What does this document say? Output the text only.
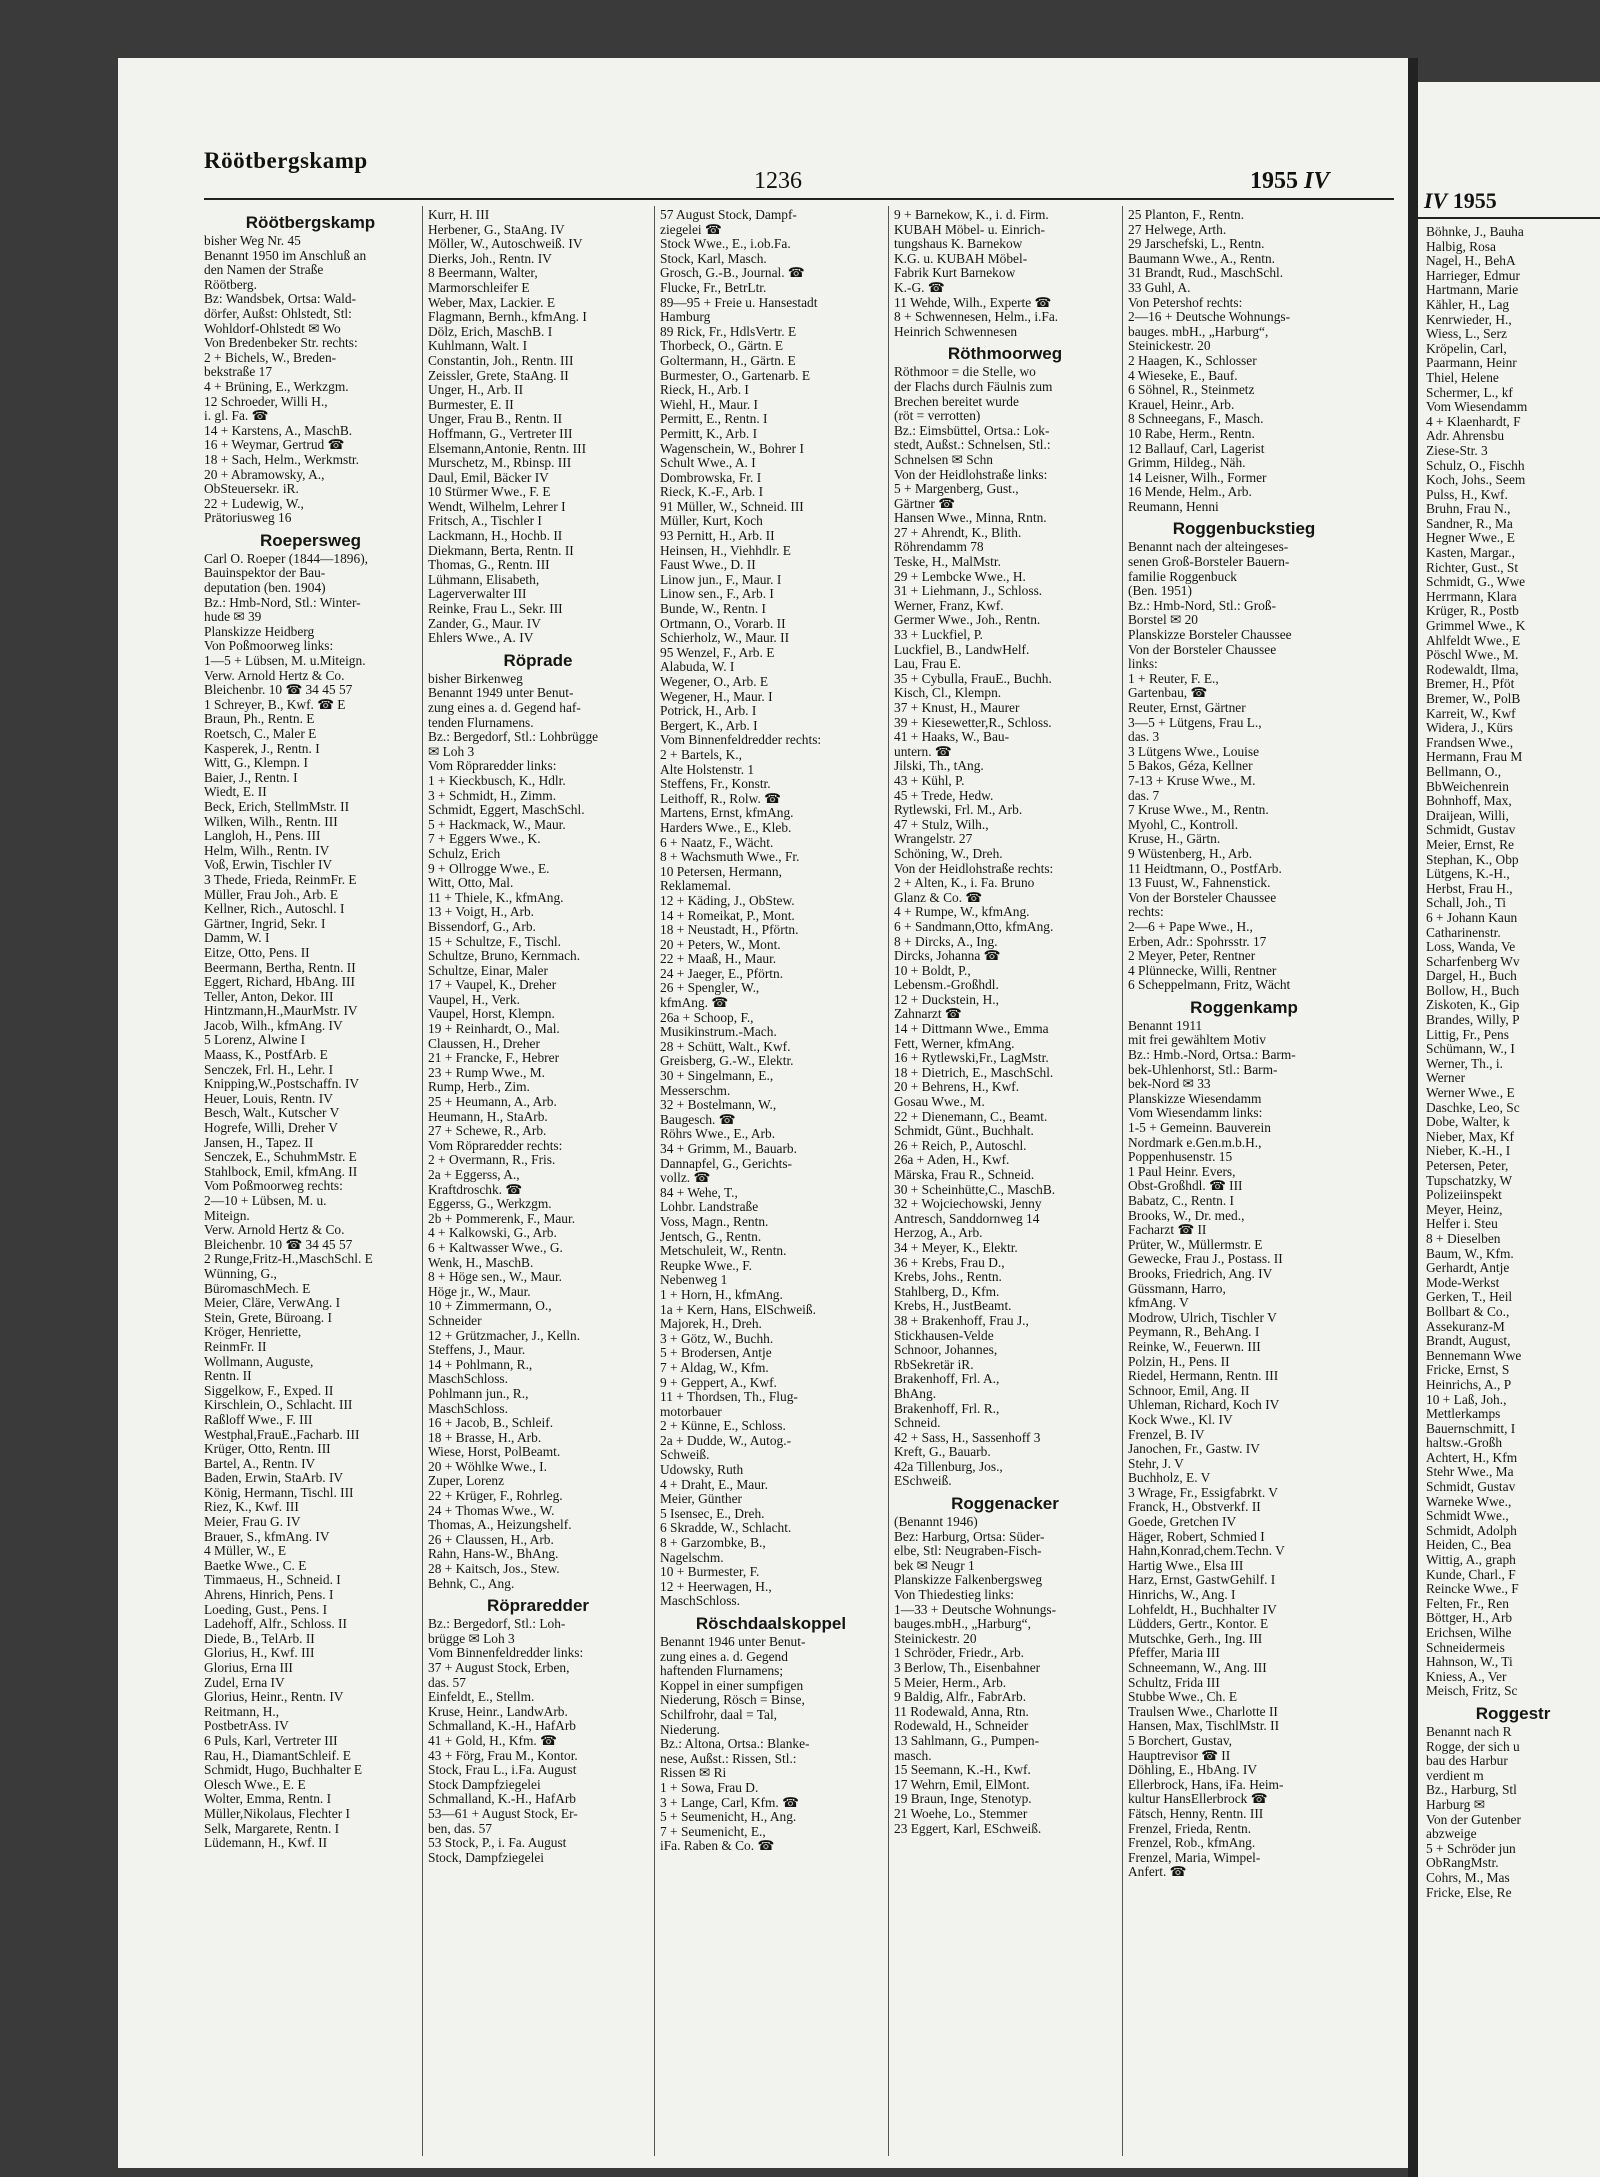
Röötbergskamp
1236	1955 IV
Röötbergskamp
bisher Weg Nr. 45
Benannt 1950 im Anschluß an
den Namen der Straße
Röötberg.
Bz: Wandsbek, Ortsa: Wald-
dörfer, Außst: Ohlstedt, Stl:
Wohldorf-Ohlstedt ✉ Wo
Von Bredenbeker Str. rechts:
2 + Bichels, W., Breden-
bekstraße 17
4 + Brüning, E., Werkzgm.
12 Schroeder, Willi H.,
i. gl. Fa. ☎
14 + Karstens, A., MaschB.
16 + Weymar, Gertrud ☎
18 + Sach, Helm., Werkmstr.
20 + Abramowsky, A.,
ObSteuersekr. iR.
22 + Ludewig, W.,
Prätoriusweg 16
Roepersweg
Carl O. Roeper (1844—1896),
Bauinspektor der Bau-
deputation (ben. 1904)
Bz.: Hmb-Nord, Stl.: Winter-
hude ✉ 39
Planskizze Heidberg
Von Poßmoorweg links:
1—5 + Lübsen, M. u.Miteign.
Verw. Arnold Hertz & Co.
Bleichenbr. 10 ☎ 34 45 57
1 Schreyer, B., Kwf. ☎ E
Braun, Ph., Rentn. E
Roetsch, C., Maler E
Kasperek, J., Rentn. I
Witt, G., Klempn. I
Baier, J., Rentn. I
Wiedt, E. II
Beck, Erich, StellmMstr. II
Wilken, Wilh., Rentn. III
Langloh, H., Pens. III
Helm, Wilh., Rentn. IV
Voß, Erwin, Tischler IV
3 Thede, Frieda, ReinmFr. E
Müller, Frau Joh., Arb. E
Kellner, Rich., Autoschl. I
Gärtner, Ingrid, Sekr. I
Damm, W. I
Eitze, Otto, Pens. II
Beermann, Bertha, Rentn. II
Eggert, Richard, HbAng. III
Teller, Anton, Dekor. III
Hintzmann,H.,MaurMstr. IV
Jacob, Wilh., kfmAng. IV
5 Lorenz, Alwine I
Maass, K., PostfArb. E
Senczek, Frl. H., Lehr. I
Knipping,W.,Postschaffn. IV
Heuer, Louis, Rentn. IV
Besch, Walt., Kutscher V
Hogrefe, Willi, Dreher V
Jansen, H., Tapez. II
Senczek, E., SchuhmMstr. E
Stahlbock, Emil, kfmAng. II
Vom Poßmoorweg rechts:
2—10 + Lübsen, M. u.
Miteign.
Verw. Arnold Hertz & Co.
Bleichenbr. 10 ☎ 34 45 57
2 Runge,Fritz-H.,MaschSchl. E
Wünning, G.,
BüromaschMech. E
Meier, Cläre, VerwAng. I
Stein, Grete, Büroang. I
Kröger, Henriette,
ReinmFr. II
Wollmann, Auguste,
Rentn. II
Siggelkow, F., Exped. II
Kirschlein, O., Schlacht. III
Raßloff Wwe., F. III
Westphal,FrauE.,Facharb. III
Krüger, Otto, Rentn. III
Bartel, A., Rentn. IV
Baden, Erwin, StaArb. IV
König, Hermann, Tischl. III
Riez, K., Kwf. III
Meier, Frau G. IV
Brauer, S., kfmAng. IV
4 Müller, W., E
Baetke Wwe., C. E
Timmaeus, H., Schneid. I
Ahrens, Hinrich, Pens. I
Loeding, Gust., Pens. I
Ladehoff, Alfr., Schloss. II
Diede, B., TelArb. II
Glorius, H., Kwf. III
Glorius, Erna III
Zudel, Erna IV
Glorius, Heinr., Rentn. IV
Reitmann, H.,
PostbetrAss. IV
6 Puls, Karl, Vertreter III
Rau, H., DiamantSchleif. E
Schmidt, Hugo, Buchhalter E
Olesch Wwe., E. E
Wolter, Emma, Rentn. I
Müller,Nikolaus, Flechter I
Selk, Margarete, Rentn. I
Lüdemann, H., Kwf. II
Kurr, H. III
Herbener, G., StaAng. IV
Möller, W., Autoschweiß. IV
Dierks, Joh., Rentn. IV
8 Beermann, Walter,
Marmorschleifer E
Weber, Max, Lackier. E
Flagmann, Bernh., kfmAng. I
Dölz, Erich, MaschB. I
Kuhlmann, Walt. I
Constantin, Joh., Rentn. III
Zeissler, Grete, StaAng. II
Unger, H., Arb. II
Burmester, E. II
Unger, Frau B., Rentn. II
Hoffmann, G., Vertreter III
Elsemann,Antonie, Rentn. III
Murschetz, M., Rbinsp. III
Daul, Emil, Bäcker IV
10 Stürmer Wwe., F. E
Wendt, Wilhelm, Lehrer I
Fritsch, A., Tischler I
Lackmann, H., Hochb. II
Diekmann, Berta, Rentn. II
Thomas, G., Rentn. III
Lühmann, Elisabeth,
Lagerverwalter III
Reinke, Frau L., Sekr. III
Zander, G., Maur. IV
Ehlers Wwe., A. IV
Röprade
bisher Birkenweg
Benannt 1949 unter Benut-
zung eines a. d. Gegend haf-
tenden Flurnamens.
Bz.: Bergedorf, Stl.: Lohbrügge
✉ Loh 3
Vom Röpraredder links:
1 + Kieckbusch, K., Hdlr.
3 + Schmidt, H., Zimm.
Schmidt, Eggert, MaschSchl.
5 + Hackmack, W., Maur.
7 + Eggers Wwe., K.
Schulz, Erich
9 + Ollrogge Wwe., E.
Witt, Otto, Mal.
11 + Thiele, K., kfmAng.
13 + Voigt, H., Arb.
Bissendorf, G., Arb.
15 + Schultze, F., Tischl.
Schultze, Bruno, Kernmach.
Schultze, Einar, Maler
17 + Vaupel, K., Dreher
Vaupel, H., Verk.
Vaupel, Horst, Klempn.
19 + Reinhardt, O., Mal.
Claussen, H., Dreher
21 + Francke, F., Hebrer
23 + Rump Wwe., M.
Rump, Herb., Zim.
25 + Heumann, A., Arb.
Heumann, H., StaArb.
27 + Schewe, R., Arb.
Vom Röpraredder rechts:
2 + Overmann, R., Fris.
2a + Eggerss, A.,
Kraftdroschk. ☎
Eggerss, G., Werkzgm.
2b + Pommerenk, F., Maur.
4 + Kalkowski, G., Arb.
6 + Kaltwasser Wwe., G.
Wenk, H., MaschB.
8 + Höge sen., W., Maur.
Höge jr., W., Maur.
10 + Zimmermann, O.,
Schneider
12 + Grützmacher, J., Kelln.
Steffens, J., Maur.
14 + Pohlmann, R.,
MaschSchloss.
Pohlmann jun., R.,
MaschSchloss.
16 + Jacob, B., Schleif.
18 + Brasse, H., Arb.
Wiese, Horst, PolBeamt.
20 + Wöhlke Wwe., I.
Zuper, Lorenz
22 + Krüger, F., Rohrleg.
24 + Thomas Wwe., W.
Thomas, A., Heizungshelf.
26 + Claussen, H., Arb.
Rahn, Hans-W., BhAng.
28 + Kaitsch, Jos., Stew.
Behnk, C., Ang.
Röpraredder
Bz.: Bergedorf, Stl.: Loh-
brügge ✉ Loh 3
Vom Binnenfeldredder links:
37 + August Stock, Erben,
das. 57
Einfeldt, E., Stellm.
Kruse, Heinr., LandwArb.
Schmalland, K.-H., HafArb
41 + Gold, H., Kfm. ☎
43 + Förg, Frau M., Kontor.
Stock, Frau L., i.Fa. August
Stock Dampfziegelei
Schmalland, K.-H., HafArb
53—61 + August Stock, Er-
ben, das. 57
53 Stock, P., i. Fa. August
Stock, Dampfziegelei
57 August Stock, Dampf-
ziegelei ☎
Stock Wwe., E., i.ob.Fa.
Stock, Karl, Masch.
Grosch, G.-B., Journal. ☎
Flucke, Fr., BetrLtr.
89—95 + Freie u. Hansestadt
Hamburg
89 Rick, Fr., HdlsVertr. E
Thorbeck, O., Gärtn. E
Goltermann, H., Gärtn. E
Burmester, O., Gartenarb. E
Rieck, H., Arb. I
Wiehl, H., Maur. I
Permitt, E., Rentn. I
Permitt, K., Arb. I
Wagenschein, W., Bohrer I
Schult Wwe., A. I
Dombrowska, Fr. I
Rieck, K.-F., Arb. I
91 Müller, W., Schneid. III
Müller, Kurt, Koch
93 Pernitt, H., Arb. II
Heinsen, H., Viehhdlr. E
Faust Wwe., D. II
Linow jun., F., Maur. I
Linow sen., F., Arb. I
Bunde, W., Rentn. I
Ortmann, O., Vorarb. II
Schierholz, W., Maur. II
95 Wenzel, F., Arb. E
Alabuda, W. I
Wegener, O., Arb. E
Wegener, H., Maur. I
Potrick, H., Arb. I
Bergert, K., Arb. I
Vom Binnenfeldredder rechts:
2 + Bartels, K.,
Alte Holstenstr. 1
Steffens, Fr., Konstr.
Leithoff, R., Rolw. ☎
Martens, Ernst, kfmAng.
Harders Wwe., E., Kleb.
6 + Naatz, F., Wächt.
8 + Wachsmuth Wwe., Fr.
10 Petersen, Hermann,
Reklamemal.
12 + Käding, J., ObStew.
14 + Romeikat, P., Mont.
18 + Neustadt, H., Pförtn.
20 + Peters, W., Mont.
22 + Maaß, H., Maur.
24 + Jaeger, E., Pförtn.
26 + Spengler, W.,
kfmAng. ☎
26a + Schoop, F.,
Musikinstrum.-Mach.
28 + Schütt, Walt., Kwf.
Greisberg, G.-W., Elektr.
30 + Singelmann, E.,
Messerschm.
32 + Bostelmann, W.,
Baugesch. ☎
Röhrs Wwe., E., Arb.
34 + Grimm, M., Bauarb.
Dannapfel, G., Gerichts-
vollz. ☎
84 + Wehe, T.,
Lohbr. Landstraße
Voss, Magn., Rentn.
Jentsch, G., Rentn.
Metschuleit, W., Rentn.
Reupke Wwe., F.
Nebenweg 1
1 + Horn, H., kfmAng.
1a + Kern, Hans, ElSchweiß.
Majorek, H., Dreh.
3 + Götz, W., Buchh.
5 + Brodersen, Antje
7 + Aldag, W., Kfm.
9 + Geppert, A., Kwf.
11 + Thordsen, Th., Flug-
motorbauer
2 + Künne, E., Schloss.
2a + Dudde, W., Autog.-
Schweiß.
Udowsky, Ruth
4 + Draht, E., Maur.
Meier, Günther
5 Isensec, E., Dreh.
6 Skradde, W., Schlacht.
8 + Garzombke, B.,
Nagelschm.
10 + Burmester, F.
12 + Heerwagen, H.,
MaschSchloss.
Röschdaalskoppel
Benannt 1946 unter Benut-
zung eines a. d. Gegend
haftenden Flurnamens;
Koppel in einer sumpfigen
Niederung, Rösch = Binse,
Schilfrohr, daal = Tal,
Niederung.
Bz.: Altona, Ortsa.: Blanke-
nese, Außst.: Rissen, Stl.:
Rissen ✉ Ri
1 + Sowa, Frau D.
3 + Lange, Carl, Kfm. ☎
5 + Seumenicht, H., Ang.
7 + Seumenicht, E.,
iFa. Raben & Co. ☎
9 + Barnekow, K., i. d. Firm.
KUBAH Möbel- u. Einrich-
tungshaus K. Barnekow
K.G. u. KUBAH Möbel-
Fabrik Kurt Barnekow
K.-G. ☎
11 Wehde, Wilh., Experte ☎
8 + Schwennesen, Helm., i.Fa.
Heinrich Schwennesen
Röthmoorweg
Röthmoor = die Stelle, wo
der Flachs durch Fäulnis zum
Brechen bereitet wurde
(röt = verrotten)
Bz.: Eimsbüttel, Ortsa.: Lok-
stedt, Außst.: Schnelsen, Stl.:
Schnelsen ✉ Schn
Von der Heidlohstraße links:
5 + Margenberg, Gust.,
Gärtner ☎
Hansen Wwe., Minna, Rntn.
27 + Ahrendt, K., Blith.
Röhrendamm 78
Teske, H., MalMstr.
29 + Lembcke Wwe., H.
31 + Liehmann, J., Schloss.
Werner, Franz, Kwf.
Germer Wwe., Joh., Rentn.
33 + Luckfiel, P.
Luckfiel, B., LandwHelf.
Lau, Frau E.
35 + Cybulla, FrauE., Buchh.
Kisch, Cl., Klempn.
37 + Knust, H., Maurer
39 + Kiesewetter,R., Schloss.
41 + Haaks, W., Bau-
untern. ☎
Jilski, Th., tAng.
43 + Kühl, P.
45 + Trede, Hedw.
Rytlewski, Frl. M., Arb.
47 + Stulz, Wilh.,
Wrangelstr. 27
Schöning, W., Dreh.
Von der Heidlohstraße rechts:
2 + Alten, K., i. Fa. Bruno
Glanz & Co. ☎
4 + Rumpe, W., kfmAng.
6 + Sandmann,Otto, kfmAng.
8 + Dircks, A., Ing.
Dircks, Johanna ☎
10 + Boldt, P.,
Lebensm.-Großhdl.
12 + Duckstein, H.,
Zahnarzt ☎
14 + Dittmann Wwe., Emma
Fett, Werner, kfmAng.
16 + Rytlewski,Fr., LagMstr.
18 + Dietrich, E., MaschSchl.
20 + Behrens, H., Kwf.
Gosau Wwe., M.
22 + Dienemann, C., Beamt.
Schmidt, Günt., Buchhalt.
26 + Reich, P., Autoschl.
26a + Aden, H., Kwf.
Märska, Frau R., Schneid.
30 + Scheinhütte,C., MaschB.
32 + Wojciechowski, Jenny
Antresch, Sanddornweg 14
Herzog, A., Arb.
34 + Meyer, K., Elektr.
36 + Krebs, Frau D.,
Krebs, Johs., Rentn.
Stahlberg, D., Kfm.
Krebs, H., JustBeamt.
38 + Brakenhoff, Frau J.,
Stickhausen-Velde
Schnoor, Johannes,
RbSekretär iR.
Brakenhoff, Frl. A.,
BhAng.
Brakenhoff, Frl. R.,
Schneid.
42 + Sass, H., Sassenhoff 3
Kreft, G., Bauarb.
42a Tillenburg, Jos.,
ESchweiß.
Roggenacker
(Benannt 1946)
Bez: Harburg, Ortsa: Süder-
elbe, Stl: Neugraben-Fisch-
bek ✉ Neugr 1
Planskizze Falkenbergsweg
Von Thiedestieg links:
1—33 + Deutsche Wohnungs-
bauges.mbH., „Harburg“,
Steinickestr. 20
1 Schröder, Friedr., Arb.
3 Berlow, Th., Eisenbahner
5 Meier, Herm., Arb.
9 Baldig, Alfr., FabrArb.
11 Rodewald, Anna, Rtn.
Rodewald, H., Schneider
13 Sahlmann, G., Pumpen-
masch.
15 Seemann, K.-H., Kwf.
17 Wehrn, Emil, ElMont.
19 Braun, Inge, Stenotyp.
21 Woehe, Lo., Stemmer
23 Eggert, Karl, ESchweiß.
25 Planton, F., Rentn.
27 Helwege, Arth.
29 Jarschefski, L., Rentn.
Baumann Wwe., A., Rentn.
31 Brandt, Rud., MaschSchl.
33 Guhl, A.
Von Petershof rechts:
2—16 + Deutsche Wohnungs-
bauges. mbH., „Harburg“,
Steinickestr. 20
2 Haagen, K., Schlosser
4 Wieseke, E., Bauf.
6 Söhnel, R., Steinmetz
Krauel, Heinr., Arb.
8 Schneegans, F., Masch.
10 Rabe, Herm., Rentn.
12 Ballauf, Carl, Lagerist
Grimm, Hildeg., Näh.
14 Leisner, Wilh., Former
16 Mende, Helm., Arb.
Reumann, Henni
Roggenbuckstieg
Benannt nach der alteingeses-
senen Groß-Borsteler Bauern-
familie Roggenbuck
(Ben. 1951)
Bz.: Hmb-Nord, Stl.: Groß-
Borstel ✉ 20
Planskizze Borsteler Chaussee
Von der Borsteler Chaussee
links:
1 + Reuter, F. E.,
Gartenbau, ☎
Reuter, Ernst, Gärtner
3—5 + Lütgens, Frau L.,
das. 3
3 Lütgens Wwe., Louise
5 Bakos, Géza, Kellner
7-13 + Kruse Wwe., M.
das. 7
7 Kruse Wwe., M., Rentn.
Myohl, C., Kontroll.
Kruse, H., Gärtn.
9 Wüstenberg, H., Arb.
11 Heidtmann, O., PostfArb.
13 Fuust, W., Fahnenstick.
Von der Borsteler Chaussee
rechts:
2—6 + Pape Wwe., H.,
Erben, Adr.: Spohrsstr. 17
2 Meyer, Peter, Rentner
4 Plünnecke, Willi, Rentner
6 Scheppelmann, Fritz, Wächt
Roggenkamp
Benannt 1911
mit frei gewähltem Motiv
Bz.: Hmb.-Nord, Ortsa.: Barm-
bek-Uhlenhorst, Stl.: Barm-
bek-Nord ✉ 33
Planskizze Wiesendamm
Vom Wiesendamm links:
1-5 + Gemeinn. Bauverein
Nordmark e.Gen.m.b.H.,
Poppenhusenstr. 15
1 Paul Heinr. Evers,
Obst-Großhdl. ☎ III
Babatz, C., Rentn. I
Brooks, W., Dr. med.,
Facharzt ☎ II
Prüter, W., Müllermstr. E
Gewecke, Frau J., Postass. II
Brooks, Friedrich, Ang. IV
Güssmann, Harro,
kfmAng. V
Modrow, Ulrich, Tischler V
Peymann, R., BehAng. I
Reinke, W., Feuerwn. III
Polzin, H., Pens. II
Riedel, Hermann, Rentn. III
Schnoor, Emil, Ang. II
Uhleman, Richard, Koch IV
Kock Wwe., Kl. IV
Frenzel, B. IV
Janochen, Fr., Gastw. IV
Stehr, J. V
Buchholz, E. V
3 Wrage, Fr., Essigfabrkt. V
Franck, H., Obstverkf. II
Goede, Gretchen IV
Häger, Robert, Schmied I
Hahn,Konrad,chem.Techn. V
Hartig Wwe., Elsa III
Harz, Ernst, GastwGehilf. I
Hinrichs, W., Ang. I
Lohfeldt, H., Buchhalter IV
Lüdders, Gertr., Kontor. E
Mutschke, Gerh., Ing. III
Pfeffer, Maria III
Schneemann, W., Ang. III
Schultz, Frida III
Stubbe Wwe., Ch. E
Traulsen Wwe., Charlotte II
Hansen, Max, TischlMstr. II
5 Borchert, Gustav,
Hauptrevisor ☎ II
Döhling, E., HbAng. IV
Ellerbrock, Hans, iFa. Heim-
kultur HansEllerbrock ☎
Fätsch, Henny, Rentn. III
Frenzel, Frieda, Rentn.
Frenzel, Rob., kfmAng.
Frenzel, Maria, Wimpel-
Anfert. ☎
IV 1955
Böhnke, J., Bauha
Halbig, Rosa
Nagel, H., BehA
Harrieger, Edmur
Hartmann, Marie
Kähler, H., Lag
Kenrwieder, H.,
Wiess, L., Serz
Kröpelin, Carl,
Paarmann, Heinr
Thiel, Helene
Schermer, L., kf
Vom Wiesendamm
4 + Klaenhardt, F
Adr. Ahrensbu
Ziese-Str. 3
Schulz, O., Fischh
Koch, Johs., Seem
Pulss, H., Kwf.
Bruhn, Frau N.,
Sandner, R., Ma
Hegner Wwe., E
Kasten, Margar.,
Richter, Gust., St
Schmidt, G., Wwe
Herrmann, Klara
Krüger, R., Postb
Grimmel Wwe., K
Ahlfeldt Wwe., E
Pöschl Wwe., M.
Rodewaldt, Ilma,
Bremer, H., Pföt
Bremer, W., PolB
Karreit, W., Kwf
Widera, J., Kürs
Frandsen Wwe.,
Hermann, Frau M
Bellmann, O.,
BbWeichenrein
Bohnhoff, Max,
Draijean, Willi,
Schmidt, Gustav
Meier, Ernst, Re
Stephan, K., Obp
Lütgens, K.-H.,
Herbst, Frau H.,
Schall, Joh., Ti
6 + Johann Kaun
Catharinenstr.
Loss, Wanda, Ve
Scharfenberg Wv
Dargel, H., Buch
Bollow, H., Buch
Ziskoten, K., Gip
Brandes, Willy, P
Littig, Fr., Pens
Schümann, W., I
Werner, Th., i.
Werner
Werner Wwe., E
Daschke, Leo, Sc
Dobe, Walter, k
Nieber, Max, Kf
Nieber, K.-H., I
Petersen, Peter,
Tupschatzky, W
Polizeiinspekt
Meyer, Heinz,
Helfer i. Steu
8 + Dieselben
Baum, W., Kfm.
Gerhardt, Antje
Mode-Werkst
Gerken, T., Heil
Bollbart & Co.,
Assekuranz-M
Brandt, August,
Bennemann Wwe
Fricke, Ernst, S
Heinrichs, A., P
10 + Laß, Joh.,
Mettlerkamps
Bauernschmitt, I
haltsw.-Großh
Achtert, H., Kfm
Stehr Wwe., Ma
Schmidt, Gustav
Warneke Wwe.,
Schmidt Wwe.,
Schmidt, Adolph
Heiden, C., Bea
Wittig, A., graph
Kunde, Charl., F
Reincke Wwe., F
Felten, Fr., Ren
Böttger, H., Arb
Erichsen, Wilhe
Schneidermeis
Hahnson, W., Ti
Kniess, A., Ver
Meisch, Fritz, Sc
Roggestr
Benannt nach R
Rogge, der sich u
bau des Harbur
verdient m
Bz., Harburg, Stl
Harburg ✉
Von der Gutenber
abzweige
5 + Schröder jun
ObRangMstr.
Cohrs, M., Mas
Fricke, Else, Re
